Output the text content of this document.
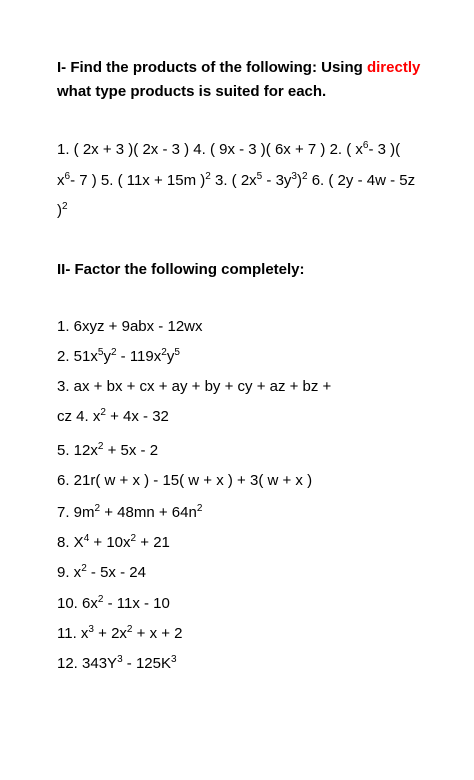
I- Find the products of the following: Using directly
what type products is suited for each.
1. ( 2x + 3 )( 2x - 3 ) 4. ( 9x - 3 )( 6x + 7 ) 2. ( $x^6-$ 3 )(
$x^6-$ 7 ) 5. ( 11x + 15m )$^2$ 3. ( $2x^5 - 3y^3)^2$ 6. ( 2y - 4w - 5z
)$^2$
II- Factor the following completely:
1. 6xyz + 9abx - 12wx
2. $51x^5y^2 - 119x^2y^5$
3. ax + bx + cx + ay + by + cy + az + bz +
cz 4. $x^2 + 4x - 32$
5. $12x^2 + 5x - 2$
6. 21r( w + x ) - 15( w + x ) + 3( w + x )
7. $9m^2 + 48mn + 64n^2$
8. $X^4 + 10x^2 + 21$
9. $x^2 - 5x - 24$
10. $6x^2 - 11x - 10$
11. $x^3 + 2x^2 + x + 2$
12. $343Y^3 - 125K^3$
